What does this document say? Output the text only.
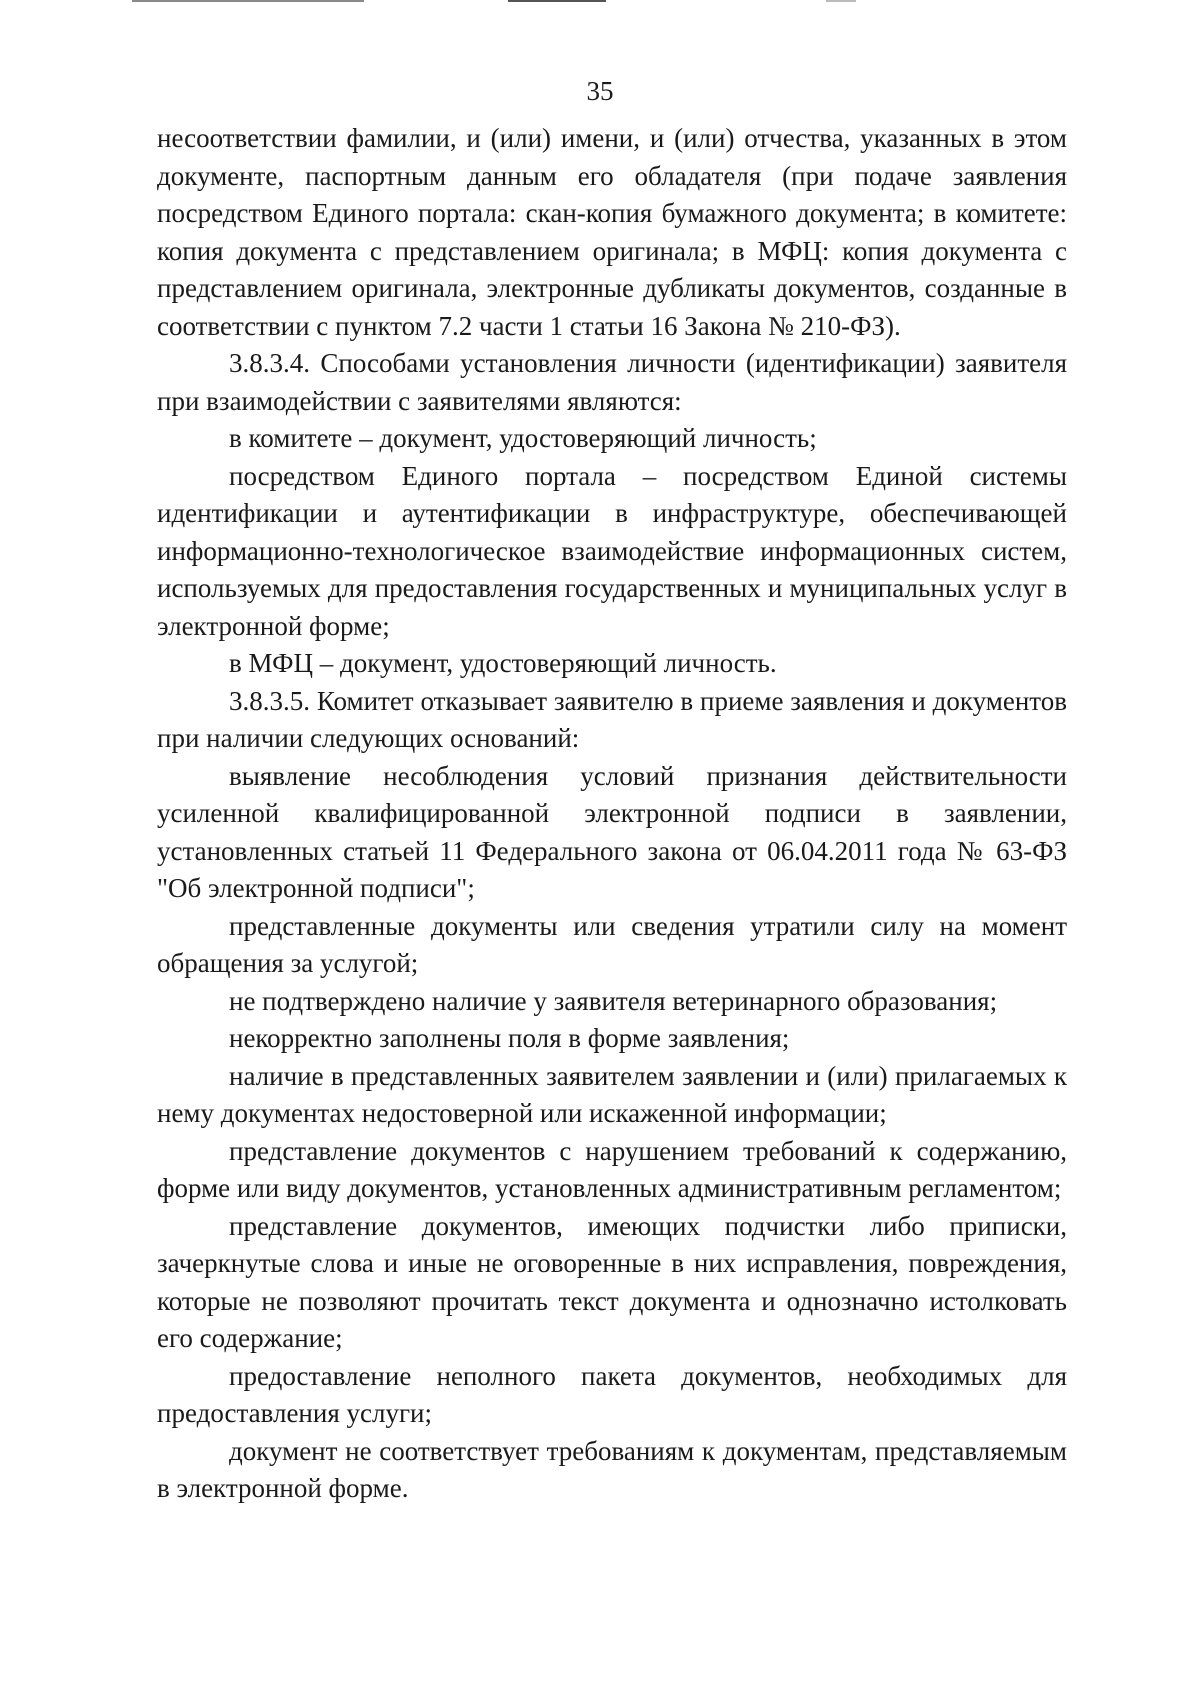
35

несоответствии фамилии, и (или) имени, и (или) отчества, указанных в этом документе, паспортным данным его обладателя (при подаче заявления посредством Единого портала: скан-копия бумажного документа; в комитете: копия документа с представлением оригинала; в МФЦ: копия документа с представлением оригинала, электронные дубликаты документов, созданные в соответствии с пунктом 7.2 части 1 статьи 16 Закона № 210-ФЗ).

3.8.3.4. Способами установления личности (идентификации) заявителя при взаимодействии с заявителями являются:

в комитете – документ, удостоверяющий личность;

посредством Единого портала – посредством Единой системы идентификации и аутентификации в инфраструктуре, обеспечивающей информационно-технологическое взаимодействие информационных систем, используемых для предоставления государственных и муниципальных услуг в электронной форме;

в МФЦ – документ, удостоверяющий личность.

3.8.3.5. Комитет отказывает заявителю в приеме заявления и документов при наличии следующих оснований:

выявление несоблюдения условий признания действительности усиленной квалифицированной электронной подписи в заявлении, установленных статьей 11 Федерального закона от 06.04.2011 года № 63-ФЗ "Об электронной подписи";

представленные документы или сведения утратили силу на момент обращения за услугой;

не подтверждено наличие у заявителя ветеринарного образования;

некорректно заполнены поля в форме заявления;

наличие в представленных заявителем заявлении и (или) прилагаемых к нему документах недостоверной или искаженной информации;

представление документов с нарушением требований к содержанию, форме или виду документов, установленных административным регламентом;

представление документов, имеющих подчистки либо приписки, зачеркнутые слова и иные не оговоренные в них исправления, повреждения, которые не позволяют прочитать текст документа и однозначно истолковать его содержание;

предоставление неполного пакета документов, необходимых для предоставления услуги;

документ не соответствует требованиям к документам, представляемым в электронной форме.
